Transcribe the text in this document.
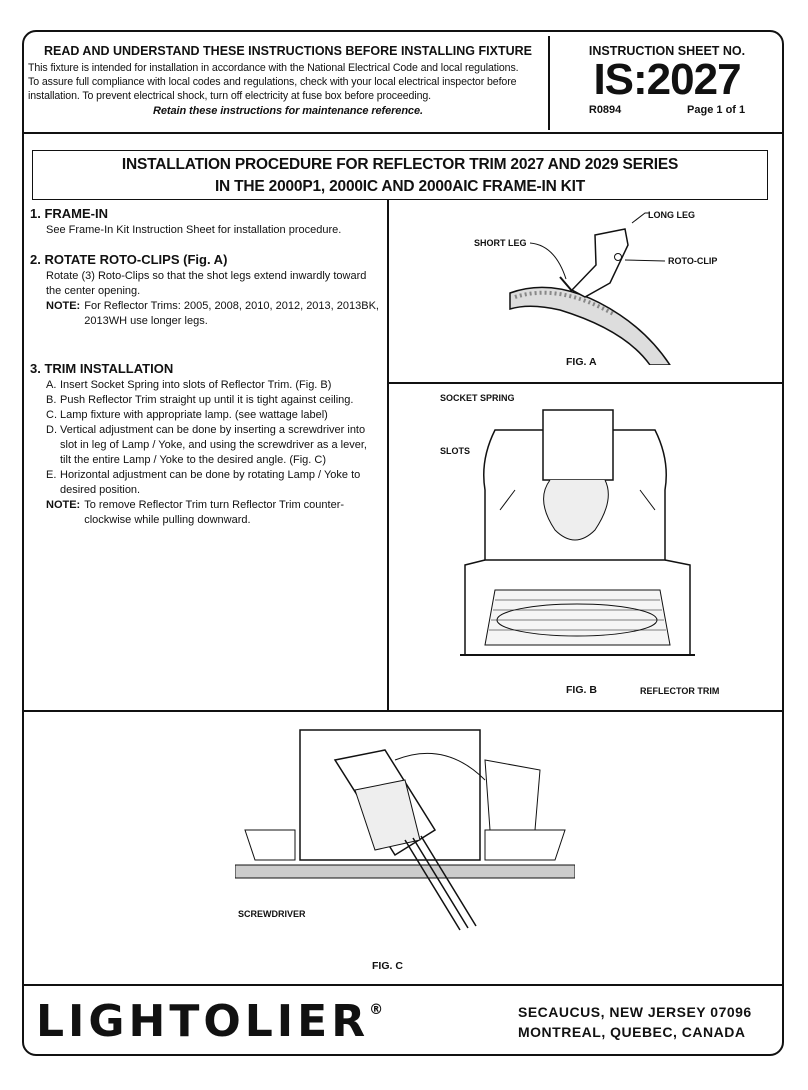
READ AND UNDERSTAND THESE INSTRUCTIONS BEFORE INSTALLING FIXTURE

This fixture is intended for installation in accordance with the National Electrical Code and local regulations.

To assure full compliance with local codes and regulations, check with your local electrical inspector before

installation. To prevent electrical shock, turn off electricity at fuse box before proceeding.

Retain these instructions for maintenance reference.

INSTRUCTION SHEET NO.
IS:2027
R0894	Page 1 of 1
INSTALLATION PROCEDURE FOR REFLECTOR TRIM 2027 AND 2029 SERIES
IN THE 2000P1, 2000IC AND 2000AIC FRAME-IN KIT
1. FRAME-IN

See Frame-In Kit Instruction Sheet for installation procedure.

2. ROTATE ROTO-CLIPS (Fig. A)

Rotate (3) Roto-Clips so that the shot legs extend inwardly toward the center opening.

NOTE: For Reflector Trims: 2005, 2008, 2010, 2012, 2013, 2013BK, 2013WH use longer legs.
3. TRIM INSTALLATION
A. Insert Socket Spring into slots of Reflector Trim. (Fig. B)
B. Push Reflector Trim straight up until it is tight against ceiling.
C. Lamp fixture with appropriate lamp. (see wattage label)
D. Vertical adjustment can be done by inserting a screwdriver into slot in leg of Lamp / Yoke, and using the screwdriver as a lever, tilt the entire Lamp / Yoke to the desired angle. (Fig. C)
E. Horizontal adjustment can be done by rotating Lamp / Yoke to desired position.
NOTE: To remove Reflector Trim turn Reflector Trim counter-clockwise while pulling downward.
LONG LEG
SHORT LEG
ROTO-CLIP
FIG. A
SOCKET SPRING
SLOTS
FIG. B	REFLECTOR TRIM
SCREWDRIVER
FIG. C
LIGHTOLIER®	SECAUCUS, NEW JERSEY 07096
MONTREAL, QUEBEC, CANADA
